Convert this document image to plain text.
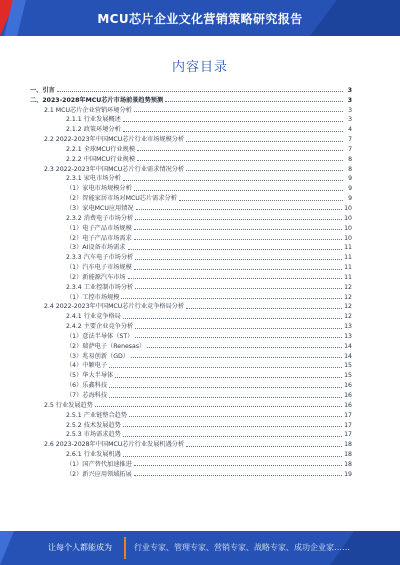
MCU芯片企业文化营销策略研究报告
内容目录
一、引言	3
二、2023-2028年MCU芯片市场前景趋势预测	3
2.1 MCU芯片企业营销环境分析	3
2.1.1 行业发展概述	3
2.1.2 政策环境分析	4
2.2 2022-2023年中国MCU芯片行业市场规模分析	7
2.2.1 全球MCU行业规模	7
2.2.2 中国MCU行业规模	8
2.3 2022-2023年中国MCU芯片行业需求情况分析	8
2.3.1 家电市场分析	9
（1）家电市场规模分析	9
（2）智能家居市场对MCU芯片需求分析	9
（3）家电MCU应用情况	10
2.3.2 消费电子市场分析	10
（1）电子产品市场规模	10
（2）电子产品市场需求	10
（3）AI设备市场需求	11
2.3.3 汽车电子市场分析	11
（1）汽车电子市场规模	11
（2）新能源汽车市场	11
2.3.4 工业控制市场分析	12
（1）工控市场规模	12
2.4 2022-2023年中国MCU芯片行业竞争格局分析	12
2.4.1 行业竞争格局	12
2.4.2 主要企业竞争分析	13
（1）意法半导体（ST）	13
（2）瑞萨电子（Renesas）	14
（3）兆易创新（GD）	14
（4）中颖电子	15
（5）华大半导体	15
（6）乐鑫科技	16
（7）芯海科技	16
2.5 行业发展趋势	16
2.5.1 产业链整合趋势	17
2.5.2 技术发展趋势	17
2.5.3 市场需求趋势	17
2.6 2023-2028年中国MCU芯片行业发展机遇分析	18
2.6.1 行业发展机遇	18
（1）国产替代加速推进	18
（2）新兴应用领域拓展	19
让每个人都能成为	行业专家、管理专家、营销专家、战略专家、成功企业家……
